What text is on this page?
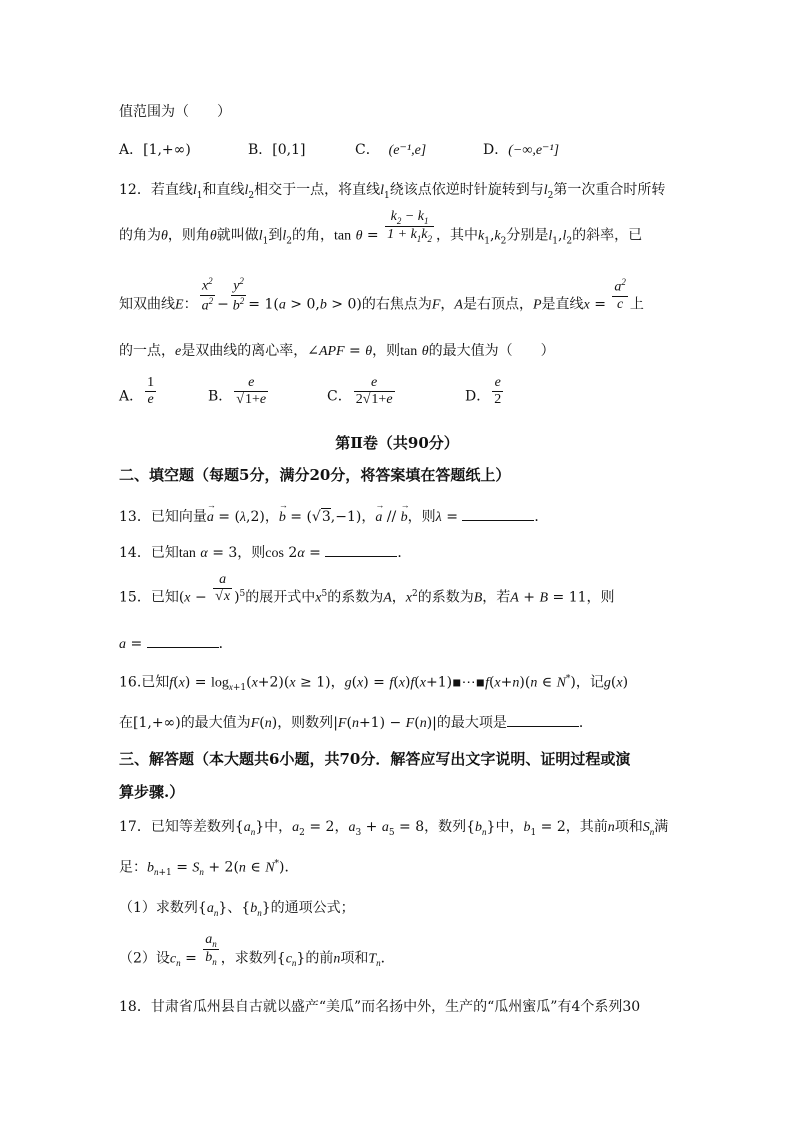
值范围为（　　）
A．[1,+∞)	B．[0,1]	C． (e⁻¹,e]	D．(−∞,e⁻¹]
12．若直线$l_1$和直线$l_2$相交于一点，将直线$l_1$绕该点依逆时针旋转到与$l_2$第一次重合时所转
的角为θ，则角θ就叫做$l_1$到$l_2$的角，$\tan \theta = \frac{k_2 - k_1}{1 + k_1k_2}$ ，其中$k_1,k_2$分别是$l_1,l_2$的斜率，已
知双曲线E： $\frac{x^2}{a^2} - \frac{y^2}{b^2} = 1(a > 0,b > 0)$的右焦点为F，A是右顶点，P是直线$x = \frac{a^2}{c}$ 上
的一点，e是双曲线的离心率，∠APF = θ，则tan θ的最大值为（　　）
A． $\frac{1}{e}$	B． $\frac{e}{√1+e}$	C． $\frac{e}{2√1+e}$	D． $\frac{e}{2}$
第Ⅱ卷（共90分）
二、填空题（每题5分，满分20分，将答案填在答题纸上）
13．已知向量→ a = (λ,2)，→ b = (√3,−1)，→ a // → b，则λ =	．
14．已知tan α = 3，则cos 2α =	．
15．已知$(x - \frac{a}{√x} )^5$的展开式中$x^5$的系数为A，$x^2$的系数为B，若A + B = 11，则
a =	．
16.已知$f(x) = \log_{x+1}(x+2)(x \ge 1)$，g(x) = f(x)f(x+1)▪⋯▪f(x+n)(n ∈ N*)，记g(x)
在[1,+∞)的最大值为F(n)，则数列|F(n+1) − F(n)|的最大项是	．
三、解答题（本大题共6小题，共70分．解答应写出文字说明、证明过程或演
算步骤.）
17．已知等差数列$\{a_n\}$中，$a_2 = 2$，$a_3 + a_5 = 8$，数列$\{b_n\}$中，$b_1 = 2$，其前n项和$S_n$满
足：$b_{n+1} = S_n + 2(n$ ∈ N*)．
（1）求数列$\{a_n\}$、$\{b_n\}$的通项公式；
（2）设$c_n = \frac{a_n}{b_n}$ ，求数列$\{c_n\}$的前n项和$T_n$．
18．甘肃省瓜州县自古就以盛产“美瓜”而名扬中外，生产的“瓜州蜜瓜”有4个系列30
